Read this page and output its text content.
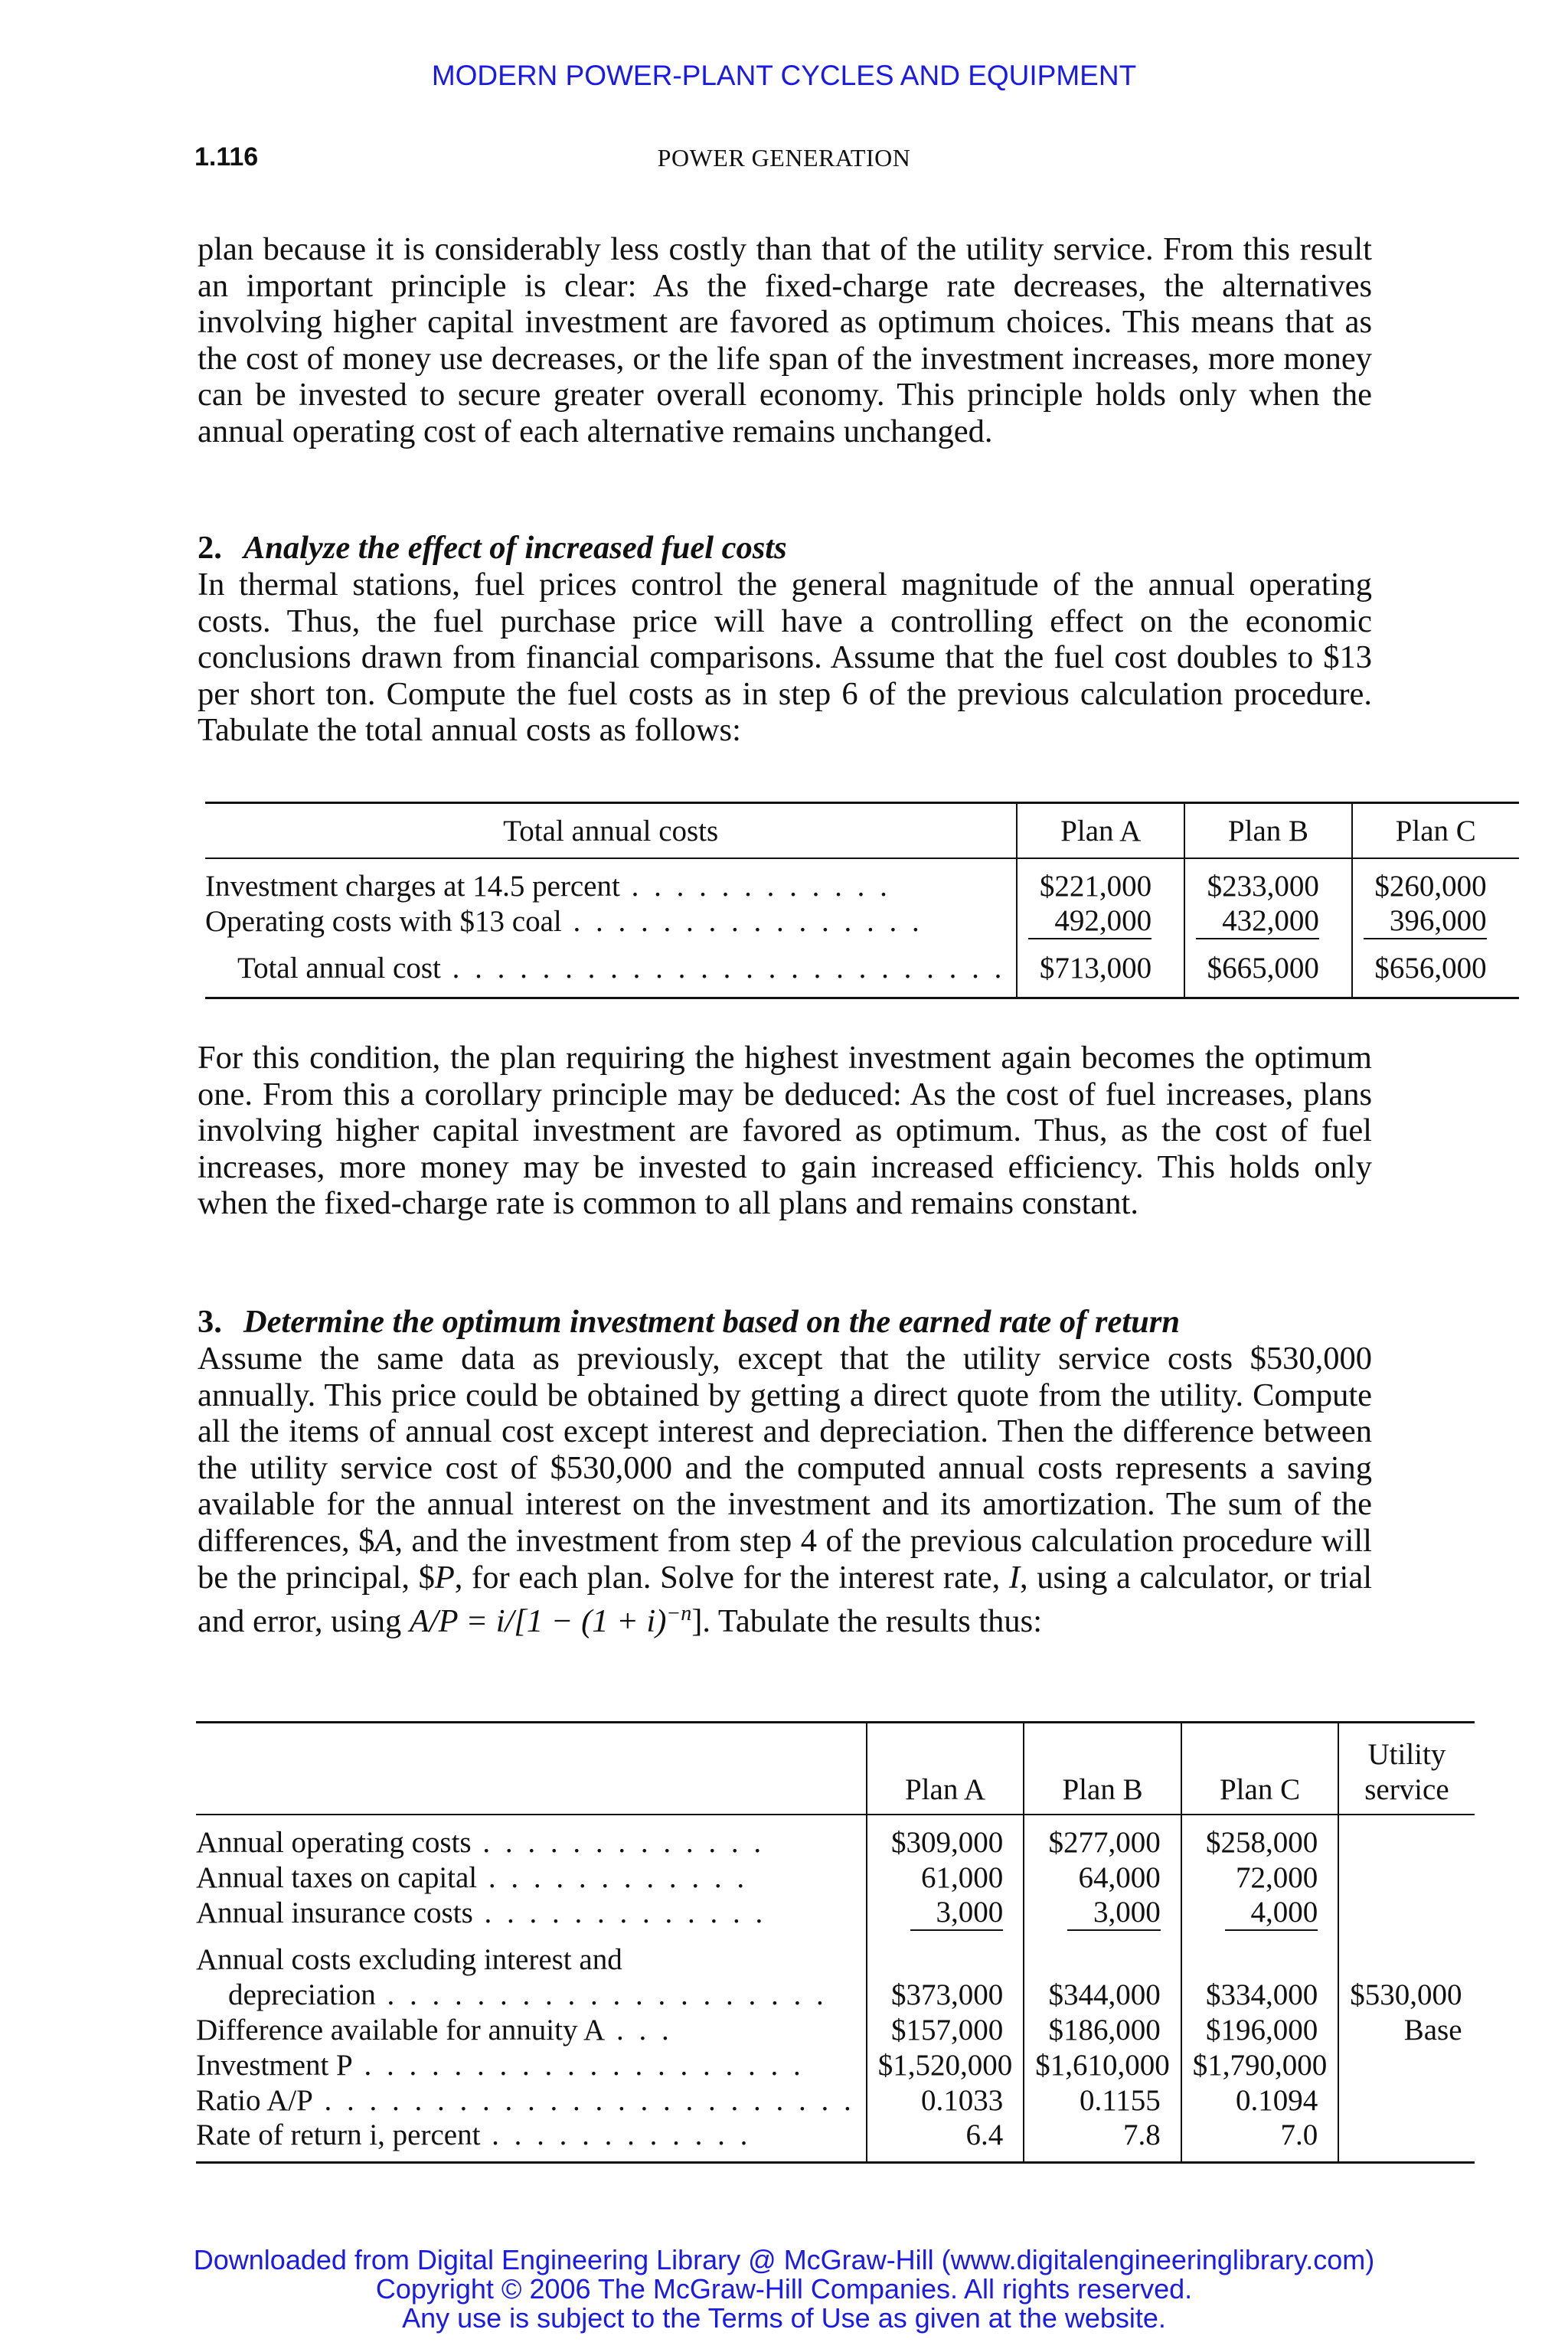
MODERN POWER-PLANT CYCLES AND EQUIPMENT
1.116	POWER GENERATION

plan because it is considerably less costly than that of the utility service. From this result an important principle is clear: As the fixed-charge rate decreases, the alternatives involving higher capital investment are favored as optimum choices. This means that as the cost of money use decreases, or the life span of the investment increases, more money can be invested to secure greater overall economy. This principle holds only when the annual operating cost of each alternative remains unchanged.

2. Analyze the effect of increased fuel costs

In thermal stations, fuel prices control the general magnitude of the annual operating costs. Thus, the fuel purchase price will have a controlling effect on the economic conclusions drawn from financial comparisons. Assume that the fuel cost doubles to $13 per short ton. Compute the fuel costs as in step 6 of the previous calculation procedure. Tabulate the total annual costs as follows:

Total annual costs	Plan A	Plan B	Plan C
Investment charges at 14.5 percent . . . . . . . . . . . .	$221,000	$233,000	$260,000
Operating costs with $13 coal . . . . . . . . . . . . . . . .	492,000	432,000	396,000
Total annual cost . . . . . . . . . . . . . . . . . . . . . . . . .	$713,000	$665,000	$656,000

For this condition, the plan requiring the highest investment again becomes the optimum one. From this a corollary principle may be deduced: As the cost of fuel increases, plans involving higher capital investment are favored as optimum. Thus, as the cost of fuel increases, more money may be invested to gain increased efficiency. This holds only when the fixed-charge rate is common to all plans and remains constant.

3. Determine the optimum investment based on the earned rate of return

Assume the same data as previously, except that the utility service costs $530,000 annually. This price could be obtained by getting a direct quote from the utility. Compute all the items of annual cost except interest and depreciation. Then the difference between the utility service cost of $530,000 and the computed annual costs represents a saving available for the annual interest on the investment and its amortization. The sum of the differences, $A, and the investment from step 4 of the previous calculation procedure will be the principal, $P, for each plan. Solve for the interest rate, I, using a calculator, or trial and error, using $A/P = i/[1 - (1 + i)^{-n}]$. Tabulate the results thus:

	Plan A	Plan B	Plan C	Utility service
Annual operating costs . . . . . . . . . . . . .	$309,000	$277,000	$258,000	
Annual taxes on capital . . . . . . . . . . . .	61,000	64,000	72,000	
Annual insurance costs . . . . . . . . . . . . .	3,000	3,000	4,000	
Annual costs excluding interest and				
depreciation . . . . . . . . . . . . . . . . . . . .	$373,000	$344,000	$334,000	$530,000
Difference available for annuity A . . .	$157,000	$186,000	$196,000	Base
Investment P . . . . . . . . . . . . . . . . . . . .	$1,520,000	$1,610,000	$1,790,000	
Ratio A/P . . . . . . . . . . . . . . . . . . . . . . . .	0.1033	0.1155	0.1094	
Rate of return i, percent . . . . . . . . . . . .	6.4	7.8	7.0	
Downloaded from Digital Engineering Library @ McGraw-Hill (www.digitalengineeringlibrary.com)
Copyright © 2006 The McGraw-Hill Companies. All rights reserved.
Any use is subject to the Terms of Use as given at the website.
